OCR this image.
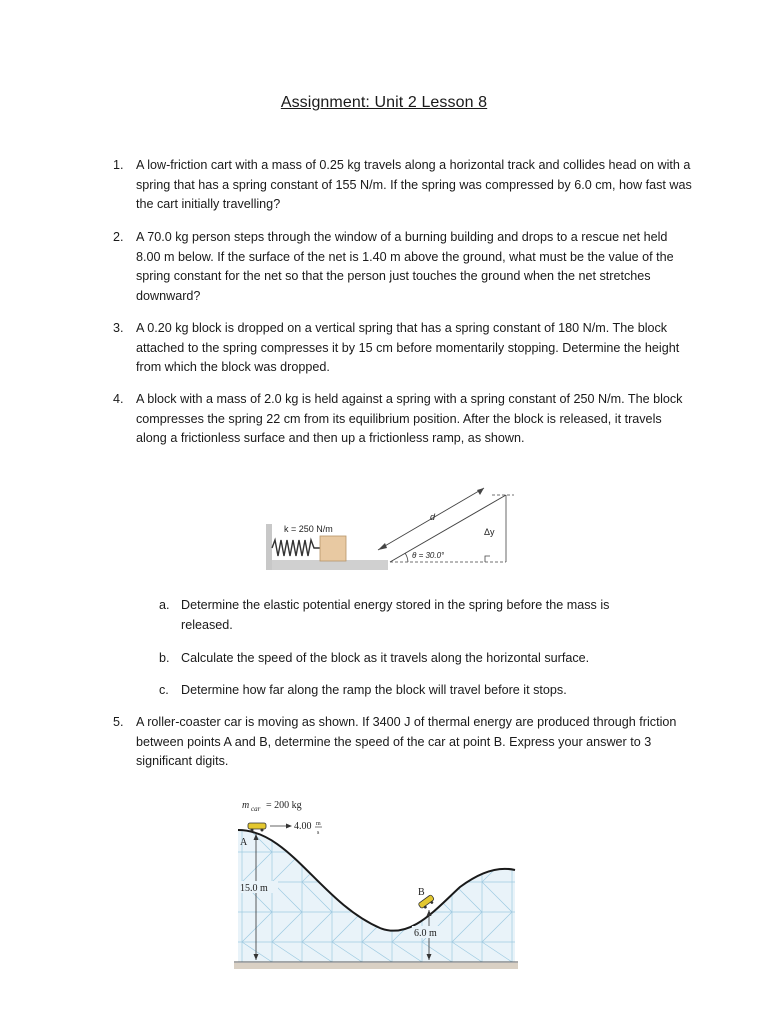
Assignment: Unit 2 Lesson 8
1. A low-friction cart with a mass of 0.25 kg travels along a horizontal track and collides head on with a spring that has a spring constant of 155 N/m. If the spring was compressed by 6.0 cm, how fast was the cart initially travelling?
2. A 70.0 kg person steps through the window of a burning building and drops to a rescue net held 8.00 m below. If the surface of the net is 1.40 m above the ground, what must be the value of the spring constant for the net so that the person just touches the ground when the net stretches downward?
3. A 0.20 kg block is dropped on a vertical spring that has a spring constant of 180 N/m. The block attached to the spring compresses it by 15 cm before momentarily stopping. Determine the height from which the block was dropped.
4. A block with a mass of 2.0 kg is held against a spring with a spring constant of 250 N/m. The block compresses the spring 22 cm from its equilibrium position. After the block is released, it travels along a frictionless surface and then up a frictionless ramp, as shown.
k = 250 N/m
d
Δy
θ = 30.0°
a. Determine the elastic potential energy stored in the spring before the mass is released.
b. Calculate the speed of the block as it travels along the horizontal surface.
c. Determine how far along the ramp the block will travel before it stops.
5. A roller-coaster car is moving as shown. If 3400 J of thermal energy are produced through friction between points A and B, determine the speed of the car at point B. Express your answer to 3 significant digits.
m car = 200 kg
4.00 m
s
A
15.0 m	B
6.0 m
